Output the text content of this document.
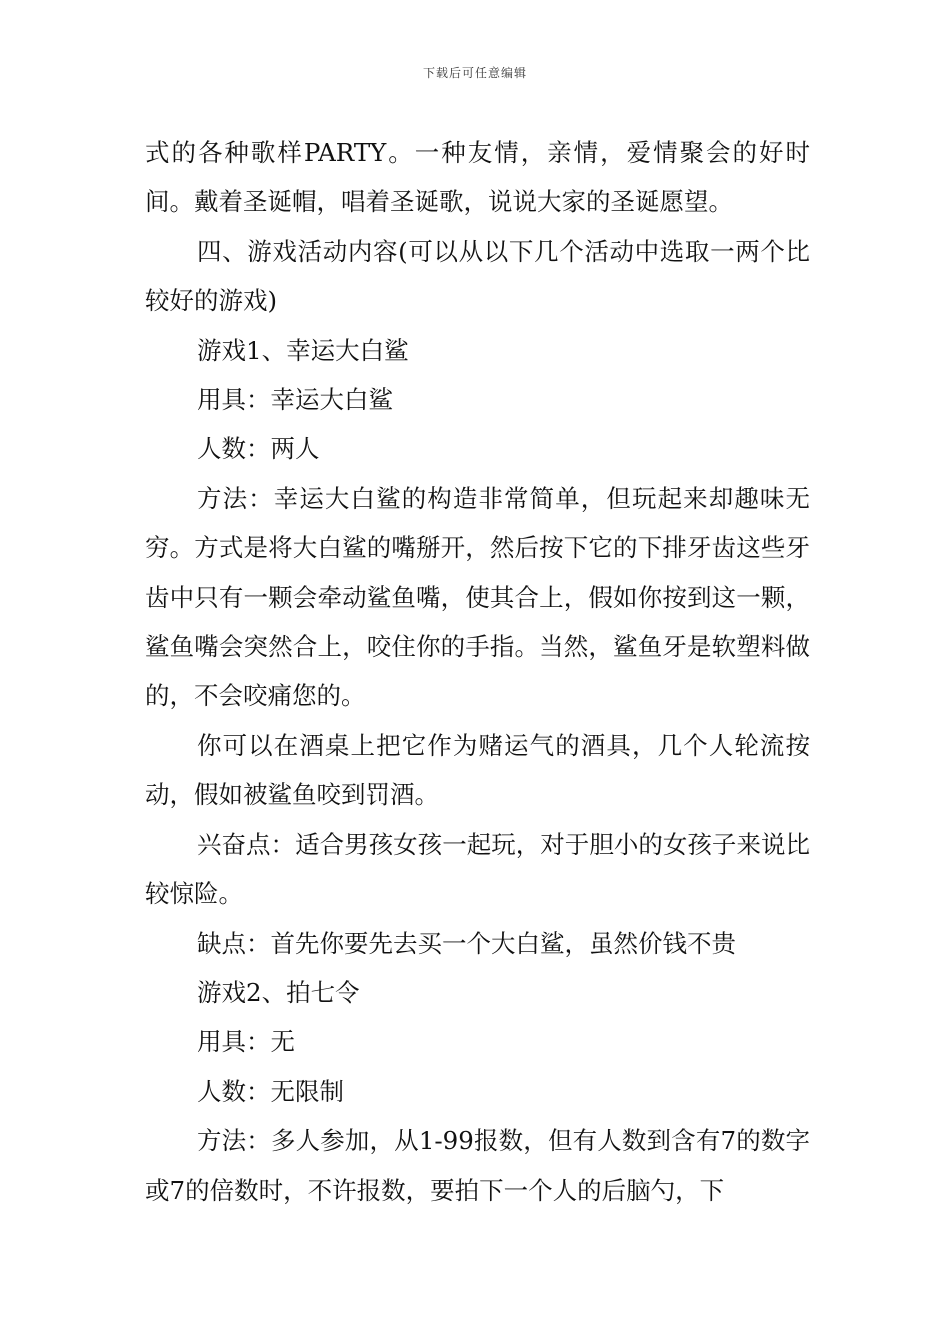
下载后可任意编辑

式的各种歌样PARTY。一种友情，亲情，爱情聚会的好时间。戴着圣诞帽，唱着圣诞歌，说说大家的圣诞愿望。

四、游戏活动内容(可以从以下几个活动中选取一两个比较好的游戏)

游戏1、幸运大白鲨

用具：幸运大白鲨

人数：两人

方法：幸运大白鲨的构造非常简单，但玩起来却趣味无穷。方式是将大白鲨的嘴掰开，然后按下它的下排牙齿这些牙齿中只有一颗会牵动鲨鱼嘴，使其合上，假如你按到这一颗，鲨鱼嘴会突然合上，咬住你的手指。当然，鲨鱼牙是软塑料做的，不会咬痛您的。

你可以在酒桌上把它作为赌运气的酒具，几个人轮流按动，假如被鲨鱼咬到罚酒。

兴奋点：适合男孩女孩一起玩，对于胆小的女孩子来说比较惊险。

缺点：首先你要先去买一个大白鲨，虽然价钱不贵

游戏2、拍七令

用具：无

人数：无限制

方法：多人参加，从1-99报数，但有人数到含有7的数字或7的倍数时，不许报数，要拍下一个人的后脑勺，下
